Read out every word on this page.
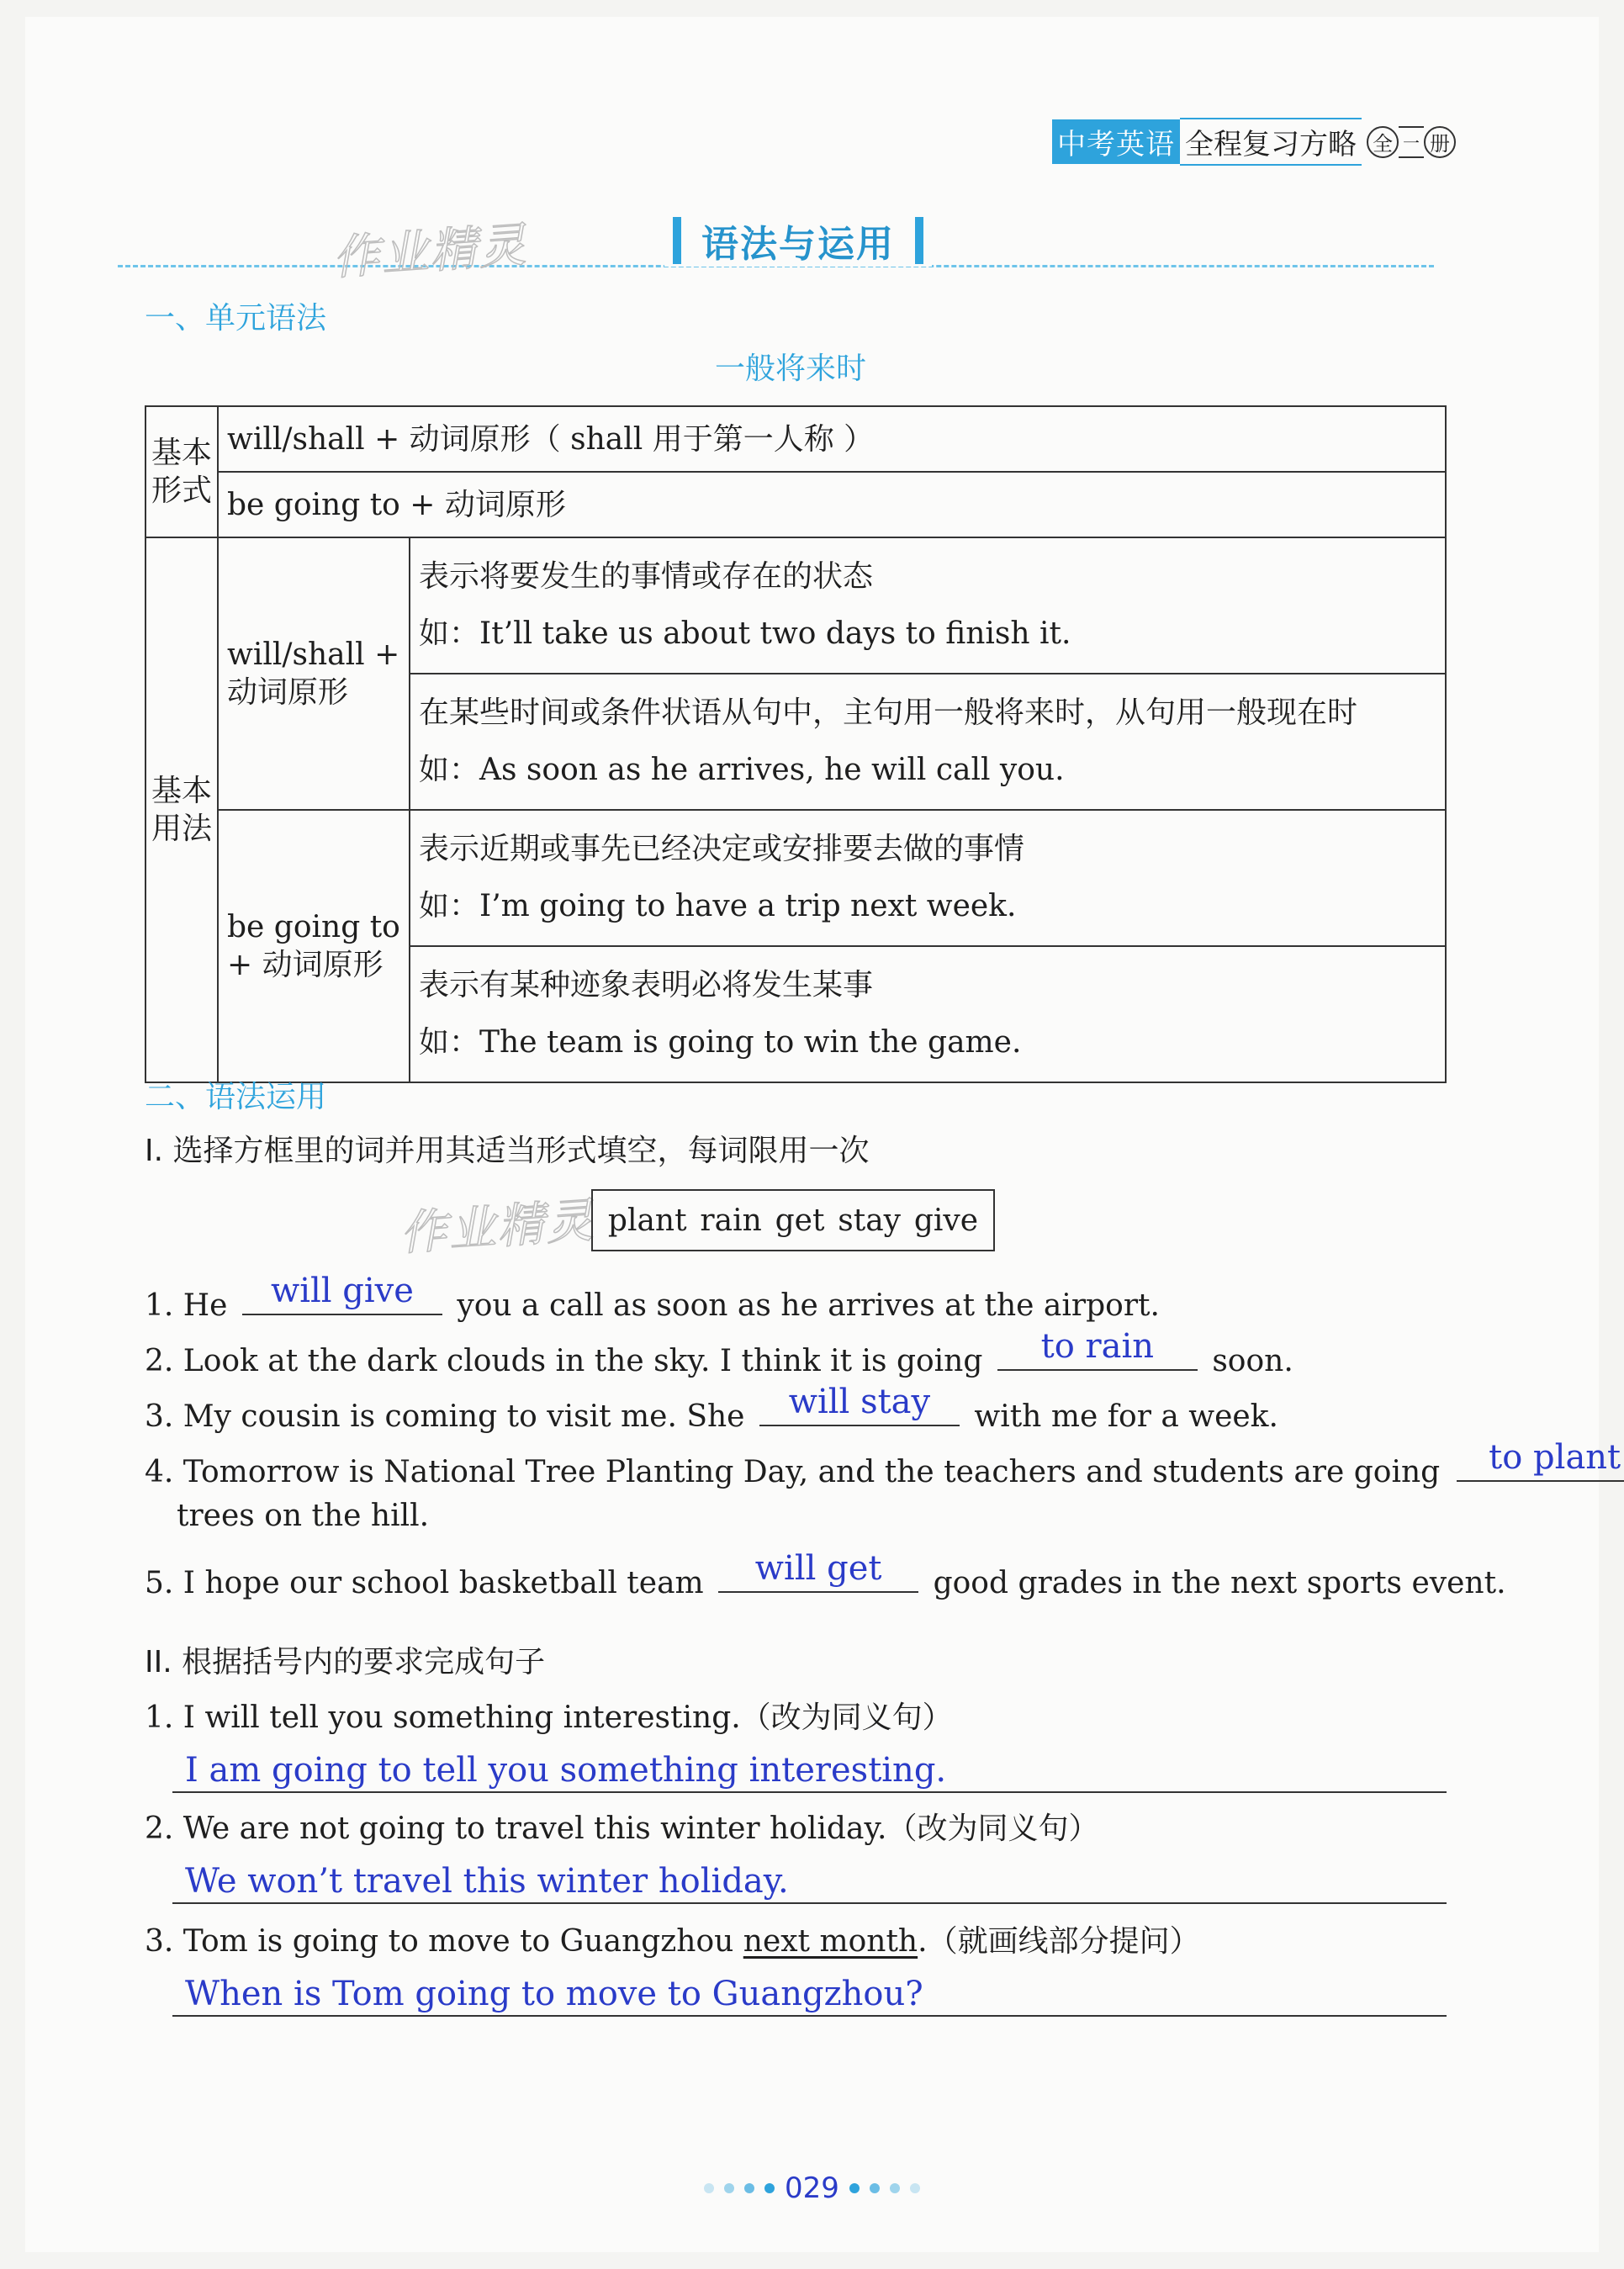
中考英语 全程复习方略 全 一 册
作业精灵	语法与运用
一、单元语法
一般将来时
基本形式	will/shall + 动词原形（ shall 用于第一人称 ）	
	be going to + 动词原形	
基本用法	will/shall + 动词原形	表示将要发生的事情或存在的状态
如：It’ll take us about two days to finish it.

		在某些时间或条件状语从句中，主句用一般将来时，从句用一般现在时
如：As soon as he arrives, he will call you.

	be going to + 动词原形	表示近期或事先已经决定或安排要去做的事情
如：I’m going to have a trip next week.

		表示有某种迹象表明必将发生某事
如：The team is going to win the game.
二、语法运用
I. 选择方框里的词并用其适当形式填空，每词限用一次
作业精灵 plant rain get stay give
1. He	will give	you a call as soon as he arrives at the airport.
2. Look at the dark clouds in the sky. I think it is going	to rain	soon.
3. My cousin is coming to visit me. She	will stay	with me for a week.
4. Tomorrow is National Tree Planting Day, and the teachers and students are going	to plant
trees on the hill.
5. I hope our school basketball team	will get	good grades in the next sports event.
II. 根据括号内的要求完成句子
1. I will tell you something interesting.（改为同义句）
I am going to tell you something interesting.
2. We are not going to travel this winter holiday.（改为同义句）
We won’t travel this winter holiday.
3. Tom is going to move to Guangzhou next month.（就画线部分提问）
When is Tom going to move to Guangzhou?
029
